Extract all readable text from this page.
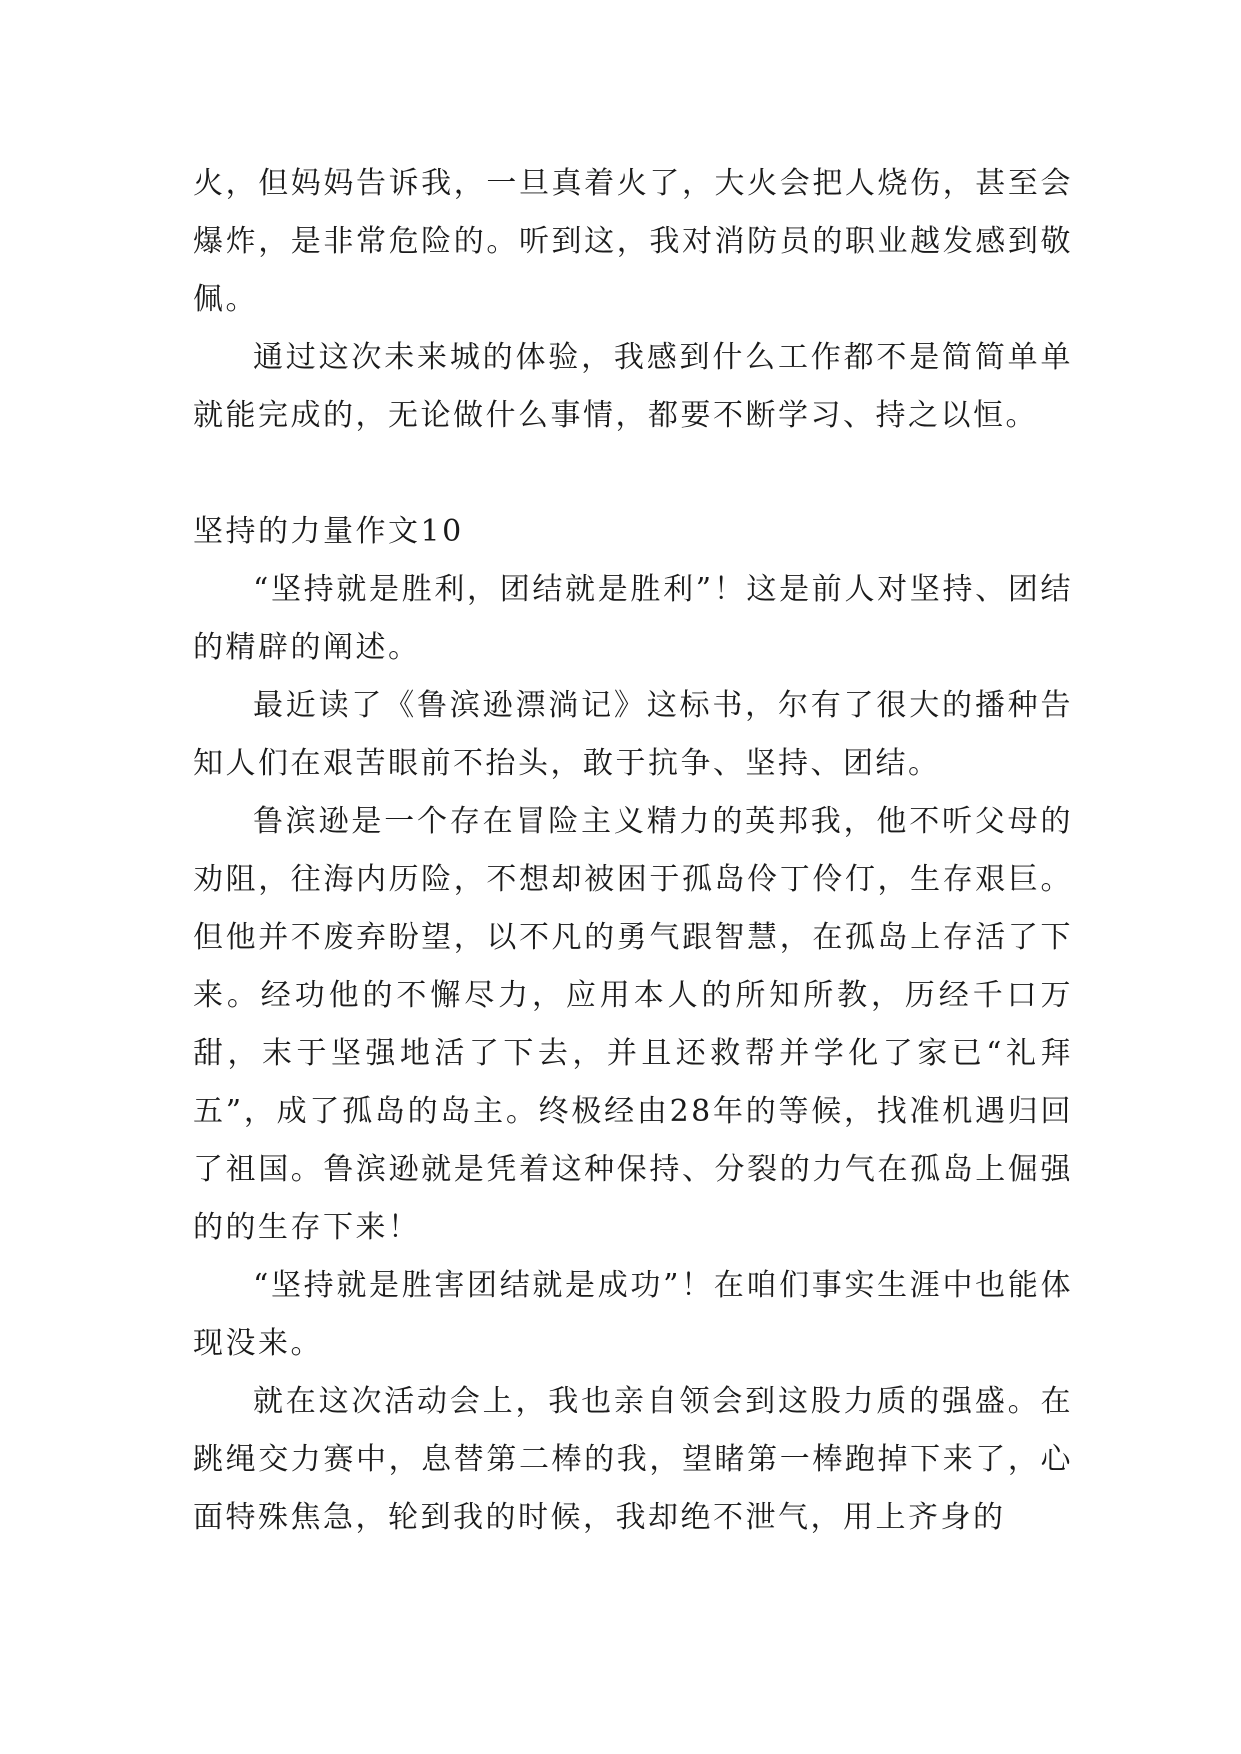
火，但妈妈告诉我，一旦真着火了，大火会把人烧伤，甚至会爆炸，是非常危险的。听到这，我对消防员的职业越发感到敬佩。

通过这次未来城的体验，我感到什么工作都不是简简单单就能完成的，无论做什么事情，都要不断学习、持之以恒。

坚持的力量作文10

“坚持就是胜利，团结就是胜利”！这是前人对坚持、团结的精辟的阐述。

最近读了《鲁滨逊漂淌记》这标书，尔有了很大的播种告知人们在艰苦眼前不抬头，敢于抗争、坚持、团结。

鲁滨逊是一个存在冒险主义精力的英邦我，他不听父母的劝阻，往海内历险，不想却被困于孤岛伶丁伶仃，生存艰巨。但他并不废弃盼望，以不凡的勇气跟智慧，在孤岛上存活了下来。经功他的不懈尽力，应用本人的所知所教，历经千口万甜，末于坚强地活了下去，并且还救帮并学化了家已“礼拜五”，成了孤岛的岛主。终极经由28年的等候，找准机遇归回了祖国。鲁滨逊就是凭着这种保持、分裂的力气在孤岛上倔强的的生存下来！

“坚持就是胜害团结就是成功”！在咱们事实生涯中也能体现没来。

就在这次活动会上，我也亲自领会到这股力质的强盛。在跳绳交力赛中，息替第二棒的我，望睹第一棒跑掉下来了，心面特殊焦急，轮到我的时候，我却绝不泄气，用上齐身的
